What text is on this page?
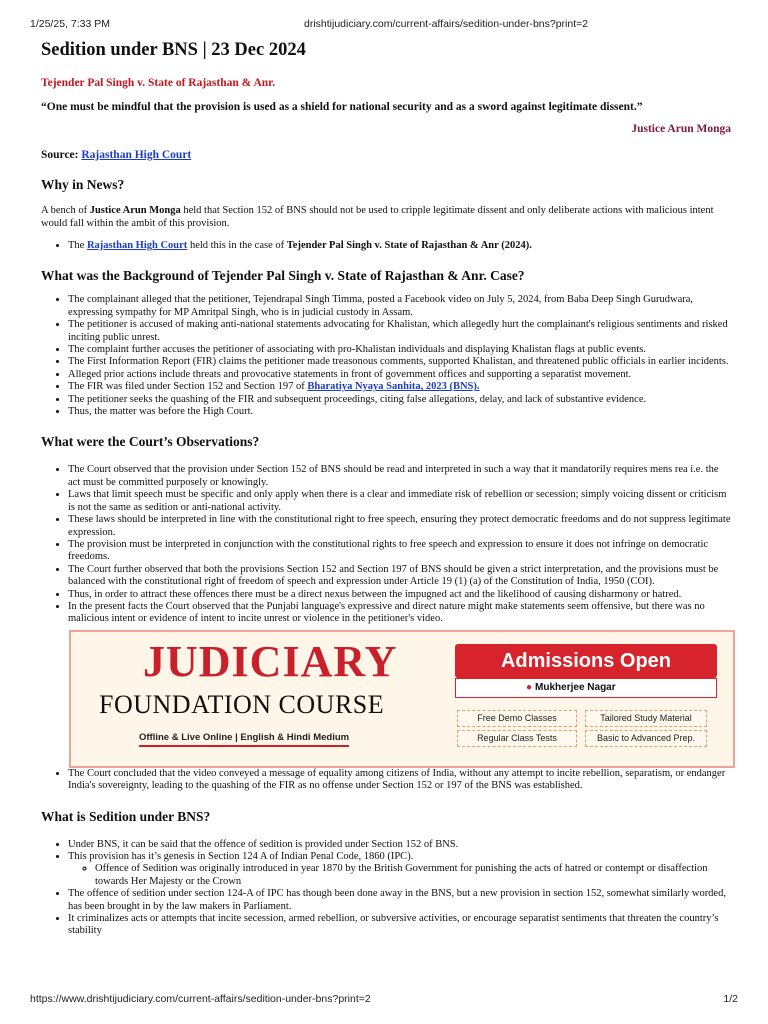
1/25/25, 7:33 PM	drishtijudiciary.com/current-affairs/sedition-under-bns?print=2
Sedition under BNS | 23 Dec 2024
Tejender Pal Singh v. State of Rajasthan & Anr.
“One must be mindful that the provision is used as a shield for national security and as a sword against legitimate dissent.”
Justice Arun Monga
Source: Rajasthan High Court
Why in News?

A bench of Justice Arun Monga held that Section 152 of BNS should not be used to cripple legitimate dissent and only deliberate actions with malicious intent would fall within the ambit of this provision.

• The Rajasthan High Court held this in the case of Tejender Pal Singh v. State of Rajasthan & Anr (2024).
What was the Background of Tejender Pal Singh v. State of Rajasthan & Anr. Case?
• The complainant alleged that the petitioner, Tejendrapal Singh Timma, posted a Facebook video on July 5, 2024, from Baba Deep Singh Gurudwara, expressing sympathy for MP Amritpal Singh, who is in judicial custody in Assam.
• The petitioner is accused of making anti-national statements advocating for Khalistan, which allegedly hurt the complainant's religious sentiments and risked inciting public unrest.
• The complaint further accuses the petitioner of associating with pro-Khalistan individuals and displaying Khalistan flags at public events.
• The First Information Report (FIR) claims the petitioner made treasonous comments, supported Khalistan, and threatened public officials in earlier incidents.
• Alleged prior actions include threats and provocative statements in front of government offices and supporting a separatist movement.
• The FIR was filed under Section 152 and Section 197 of Bharatiya Nyaya Sanhita, 2023 (BNS).
• The petitioner seeks the quashing of the FIR and subsequent proceedings, citing false allegations, delay, and lack of substantive evidence.
• Thus, the matter was before the High Court.
What were the Court’s Observations?
• The Court observed that the provision under Section 152 of BNS should be read and interpreted in such a way that it mandatorily requires mens rea i.e. the act must be committed purposely or knowingly.
• Laws that limit speech must be specific and only apply when there is a clear and immediate risk of rebellion or secession; simply voicing dissent or criticism is not the same as sedition or anti-national activity.
• These laws should be interpreted in line with the constitutional right to free speech, ensuring they protect democratic freedoms and do not suppress legitimate expression.
• The provision must be interpreted in conjunction with the constitutional rights to free speech and expression to ensure it does not infringe on democratic freedoms.
• The Court further observed that both the provisions Section 152 and Section 197 of BNS should be given a strict interpretation, and the provisions must be balanced with the constitutional right of freedom of speech and expression under Article 19 (1) (a) of the Constitution of India, 1950 (COI).
• Thus, in order to attract these offences there must be a direct nexus between the impugned act and the likelihood of causing disharmony or hatred.
• In the present facts the Court observed that the Punjabi language's expressive and direct nature might make statements seem offensive, but there was no malicious intent or evidence of intent to incite unrest or violence in the petitioner's video.
JUDICIARY
FOUNDATION COURSE
Offline & Live Online | English & Hindi Medium
Admissions Open
● Mukherjee Nagar
Free Demo Classes	Tailored Study Material
Regular Class Tests	Basic to Advanced Prep.
• The Court concluded that the video conveyed a message of equality among citizens of India, without any attempt to incite rebellion, separatism, or endanger India's sovereignty, leading to the quashing of the FIR as no offense under Section 152 or 197 of the BNS was established.
What is Sedition under BNS?
• Under BNS, it can be said that the offence of sedition is provided under Section 152 of BNS.
• This provision has it’s genesis in Section 124 A of Indian Penal Code, 1860 (IPC).
◦ Offence of Sedition was originally introduced in year 1870 by the British Government for punishing the acts of hatred or contempt or disaffection towards Her Majesty or the Crown
• The offence of sedition under section 124-A of IPC has though been done away in the BNS, but a new provision in section 152, somewhat similarly worded, has been brought in by the law makers in Parliament.
• It criminalizes acts or attempts that incite secession, armed rebellion, or subversive activities, or encourage separatist sentiments that threaten the country’s stability
https://www.drishtijudiciary.com/current-affairs/sedition-under-bns?print=2	1/2
